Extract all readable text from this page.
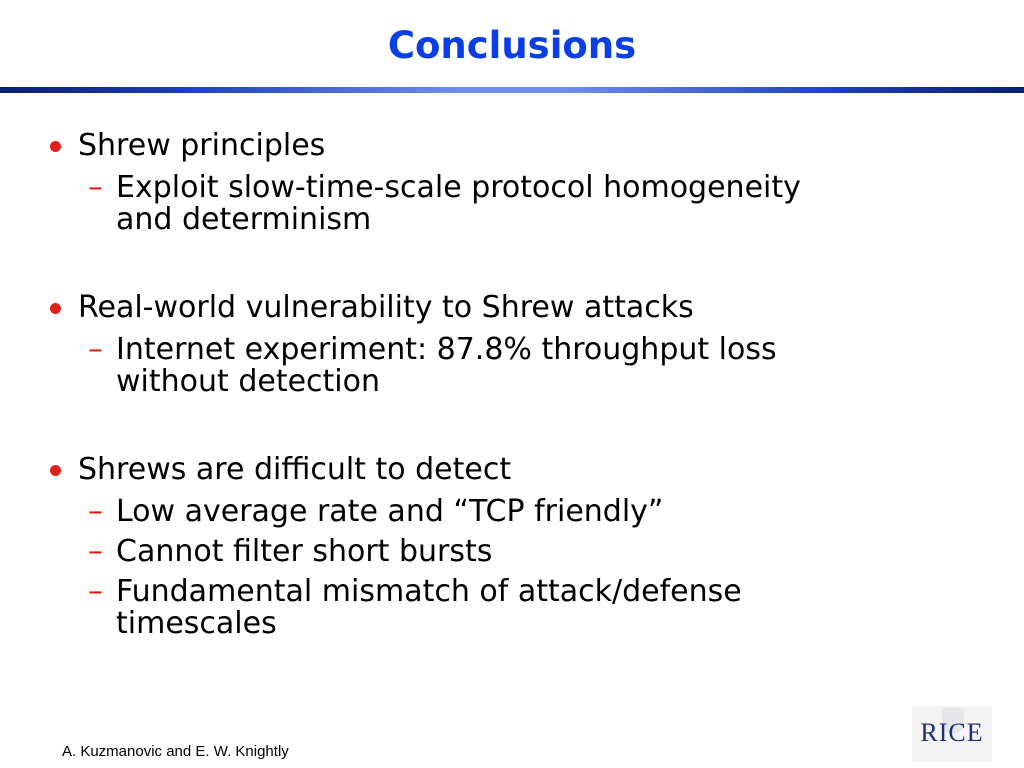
Conclusions
Shrew principles
– Exploit slow-time-scale protocol homogeneity
and determinism
Real-world vulnerability to Shrew attacks
– Internet experiment: 87.8% throughput loss
without detection
Shrews are difficult to detect
– Low average rate and “TCP friendly”
– Cannot filter short bursts
– Fundamental mismatch of attack/defense
timescales
A. Kuzmanovic and E. W. Knightly
RICE
